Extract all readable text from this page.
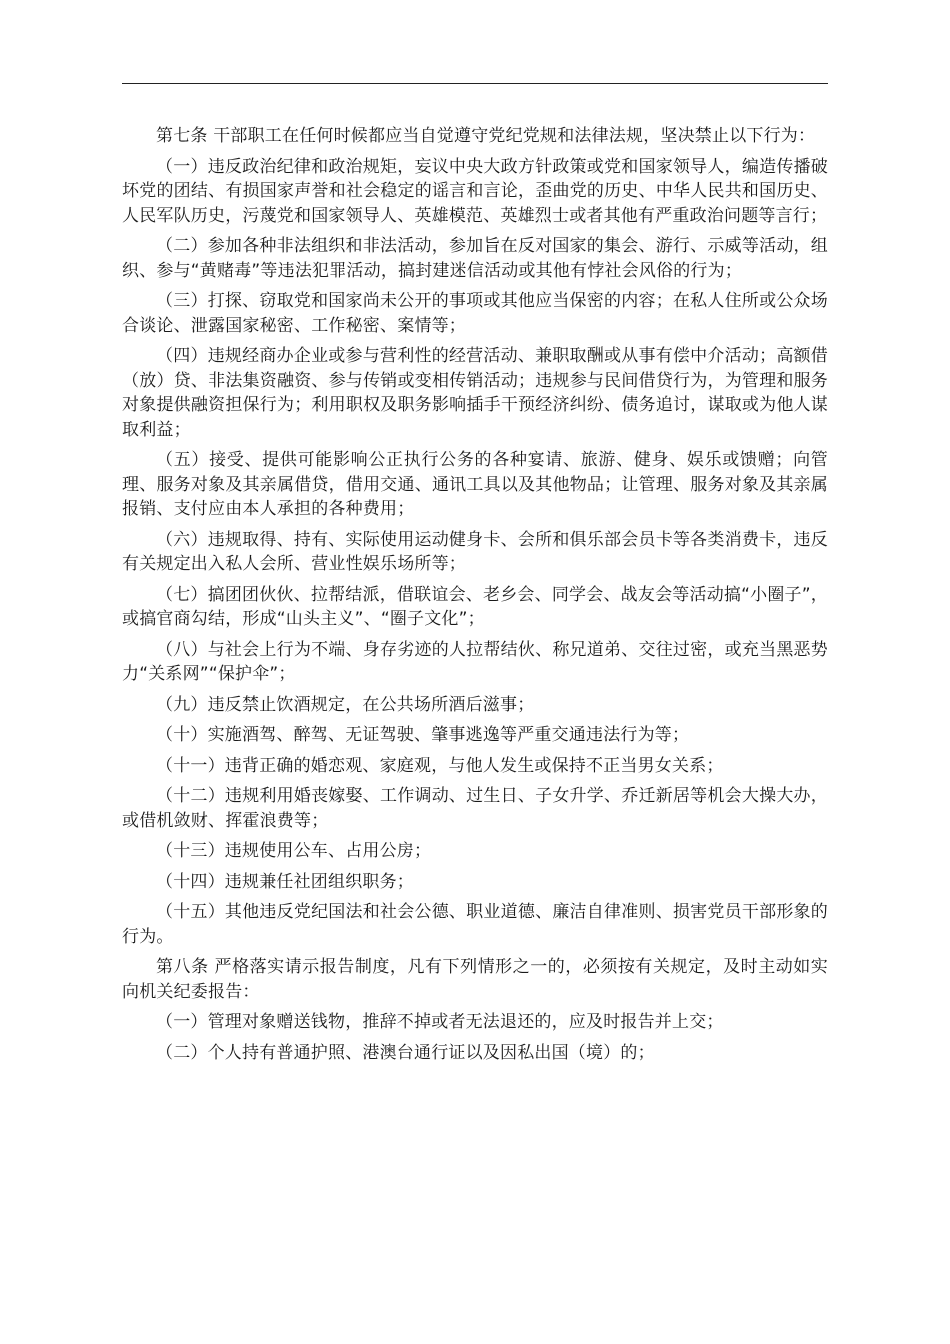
第七条 干部职工在任何时候都应当自觉遵守党纪党规和法律法规，坚决禁止以下行为：

（一）违反政治纪律和政治规矩，妄议中央大政方针政策或党和国家领导人，编造传播破坏党的团结、有损国家声誉和社会稳定的谣言和言论，歪曲党的历史、中华人民共和国历史、人民军队历史，污蔑党和国家领导人、英雄模范、英雄烈士或者其他有严重政治问题等言行；

（二）参加各种非法组织和非法活动，参加旨在反对国家的集会、游行、示威等活动，组织、参与“黄赌毒”等违法犯罪活动，搞封建迷信活动或其他有悖社会风俗的行为；

（三）打探、窃取党和国家尚未公开的事项或其他应当保密的内容；在私人住所或公众场合谈论、泄露国家秘密、工作秘密、案情等；

（四）违规经商办企业或参与营利性的经营活动、兼职取酬或从事有偿中介活动；高额借（放）贷、非法集资融资、参与传销或变相传销活动；违规参与民间借贷行为，为管理和服务对象提供融资担保行为；利用职权及职务影响插手干预经济纠纷、债务追讨，谋取或为他人谋取利益；

（五）接受、提供可能影响公正执行公务的各种宴请、旅游、健身、娱乐或馈赠；向管理、服务对象及其亲属借贷，借用交通、通讯工具以及其他物品；让管理、服务对象及其亲属报销、支付应由本人承担的各种费用；

（六）违规取得、持有、实际使用运动健身卡、会所和俱乐部会员卡等各类消费卡，违反有关规定出入私人会所、营业性娱乐场所等；

（七）搞团团伙伙、拉帮结派，借联谊会、老乡会、同学会、战友会等活动搞“小圈子”，或搞官商勾结，形成“山头主义”、“圈子文化”；

（八）与社会上行为不端、身存劣迹的人拉帮结伙、称兄道弟、交往过密，或充当黑恶势力“关系网”“保护伞”；

（九）违反禁止饮酒规定，在公共场所酒后滋事；

（十）实施酒驾、醉驾、无证驾驶、肇事逃逸等严重交通违法行为等；

（十一）违背正确的婚恋观、家庭观，与他人发生或保持不正当男女关系；

（十二）违规利用婚丧嫁娶、工作调动、过生日、子女升学、乔迁新居等机会大操大办，或借机敛财、挥霍浪费等；

（十三）违规使用公车、占用公房；

（十四）违规兼任社团组织职务；

（十五）其他违反党纪国法和社会公德、职业道德、廉洁自律准则、损害党员干部形象的行为。

第八条 严格落实请示报告制度，凡有下列情形之一的，必须按有关规定，及时主动如实向机关纪委报告：

（一）管理对象赠送钱物，推辞不掉或者无法退还的，应及时报告并上交；

（二）个人持有普通护照、港澳台通行证以及因私出国（境）的；
